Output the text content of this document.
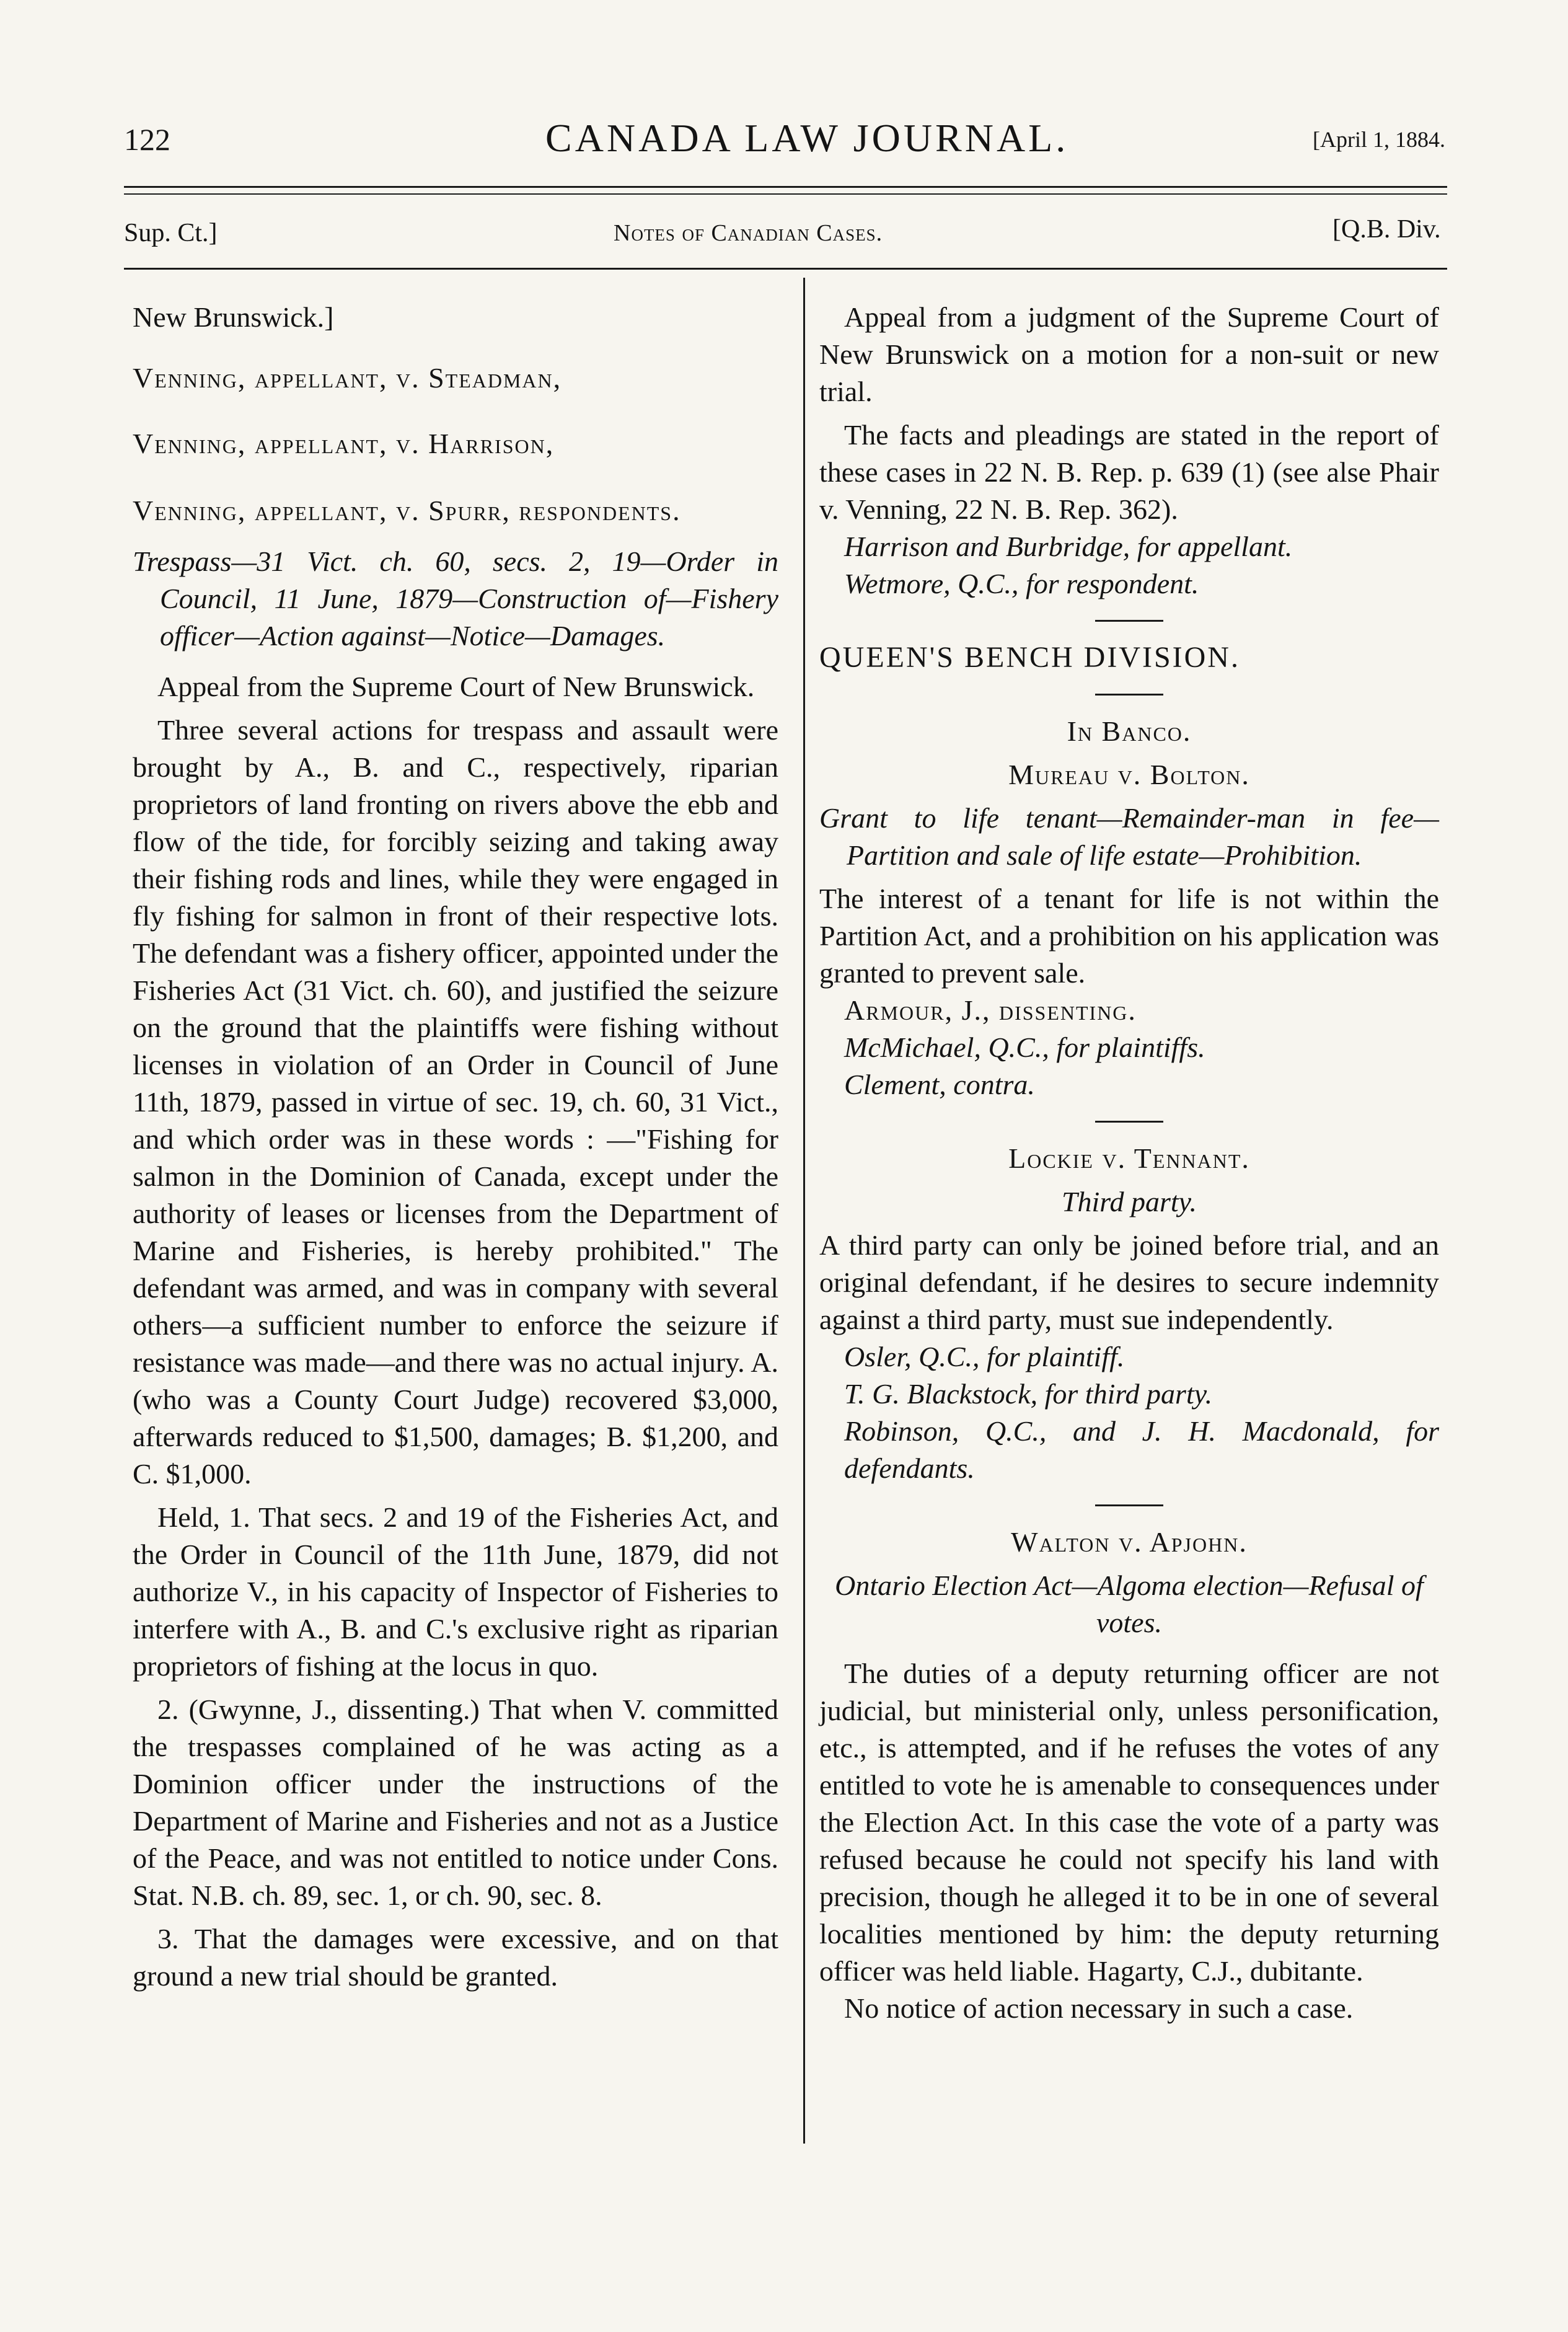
122	CANADA LAW JOURNAL.	[April 1, 1884.
Sup. Ct.]	Notes of Canadian Cases.	[Q.B. Div.

New Brunswick.]

Venning, appellant, v. Steadman,

Venning, appellant, v. Harrison,

Venning, appellant, v. Spurr, respondents.

Trespass—31 Vict. ch. 60, secs. 2, 19—Order in Council, 11 June, 1879—Construction of—Fishery officer—Action against—Notice—Damages.

Appeal from the Supreme Court of New Brunswick.

Three several actions for trespass and assault were brought by A., B. and C., respectively, riparian proprietors of land fronting on rivers above the ebb and flow of the tide, for forcibly seizing and taking away their fishing rods and lines, while they were engaged in fly fishing for salmon in front of their respective lots. The defendant was a fishery officer, appointed under the Fisheries Act (31 Vict. ch. 60), and justified the seizure on the ground that the plaintiffs were fishing without licenses in violation of an Order in Council of June 11th, 1879, passed in virtue of sec. 19, ch. 60, 31 Vict., and which order was in these words : —"Fishing for salmon in the Dominion of Canada, except under the authority of leases or licenses from the Department of Marine and Fisheries, is hereby prohibited." The defendant was armed, and was in company with several others—a sufficient number to enforce the seizure if resistance was made—and there was no actual injury. A. (who was a County Court Judge) recovered $3,000, afterwards reduced to $1,500, damages; B. $1,200, and C. $1,000.

Held, 1. That secs. 2 and 19 of the Fisheries Act, and the Order in Council of the 11th June, 1879, did not authorize V., in his capacity of Inspector of Fisheries to interfere with A., B. and C.'s exclusive right as riparian proprietors of fishing at the locus in quo.

2. (Gwynne, J., dissenting.) That when V. committed the trespasses complained of he was acting as a Dominion officer under the instructions of the Department of Marine and Fisheries and not as a Justice of the Peace, and was not entitled to notice under Cons. Stat. N.B. ch. 89, sec. 1, or ch. 90, sec. 8.

3. That the damages were excessive, and on that ground a new trial should be granted.

Appeal from a judgment of the Supreme Court of New Brunswick on a motion for a non-suit or new trial.

The facts and pleadings are stated in the report of these cases in 22 N. B. Rep. p. 639 (1) (see alse Phair v. Venning, 22 N. B. Rep. 362).

Harrison and Burbridge, for appellant.

Wetmore, Q.C., for respondent.

QUEEN'S BENCH DIVISION.

In Banco.

Mureau v. Bolton.

Grant to life tenant—Remainder-man in fee—Partition and sale of life estate—Prohibition.

The interest of a tenant for life is not within the Partition Act, and a prohibition on his application was granted to prevent sale.

Armour, J., dissenting.

McMichael, Q.C., for plaintiffs.

Clement, contra.

Lockie v. Tennant.

Third party.

A third party can only be joined before trial, and an original defendant, if he desires to secure indemnity against a third party, must sue independently.

Osler, Q.C., for plaintiff.

T. G. Blackstock, for third party.

Robinson, Q.C., and J. H. Macdonald, for defendants.

Walton v. Apjohn.

Ontario Election Act—Algoma election—Refusal of votes.

The duties of a deputy returning officer are not judicial, but ministerial only, unless personification, etc., is attempted, and if he refuses the votes of any entitled to vote he is amenable to consequences under the Election Act. In this case the vote of a party was refused because he could not specify his land with precision, though he alleged it to be in one of several localities mentioned by him: the deputy returning officer was held liable. Hagarty, C.J., dubitante.

No notice of action necessary in such a case.
